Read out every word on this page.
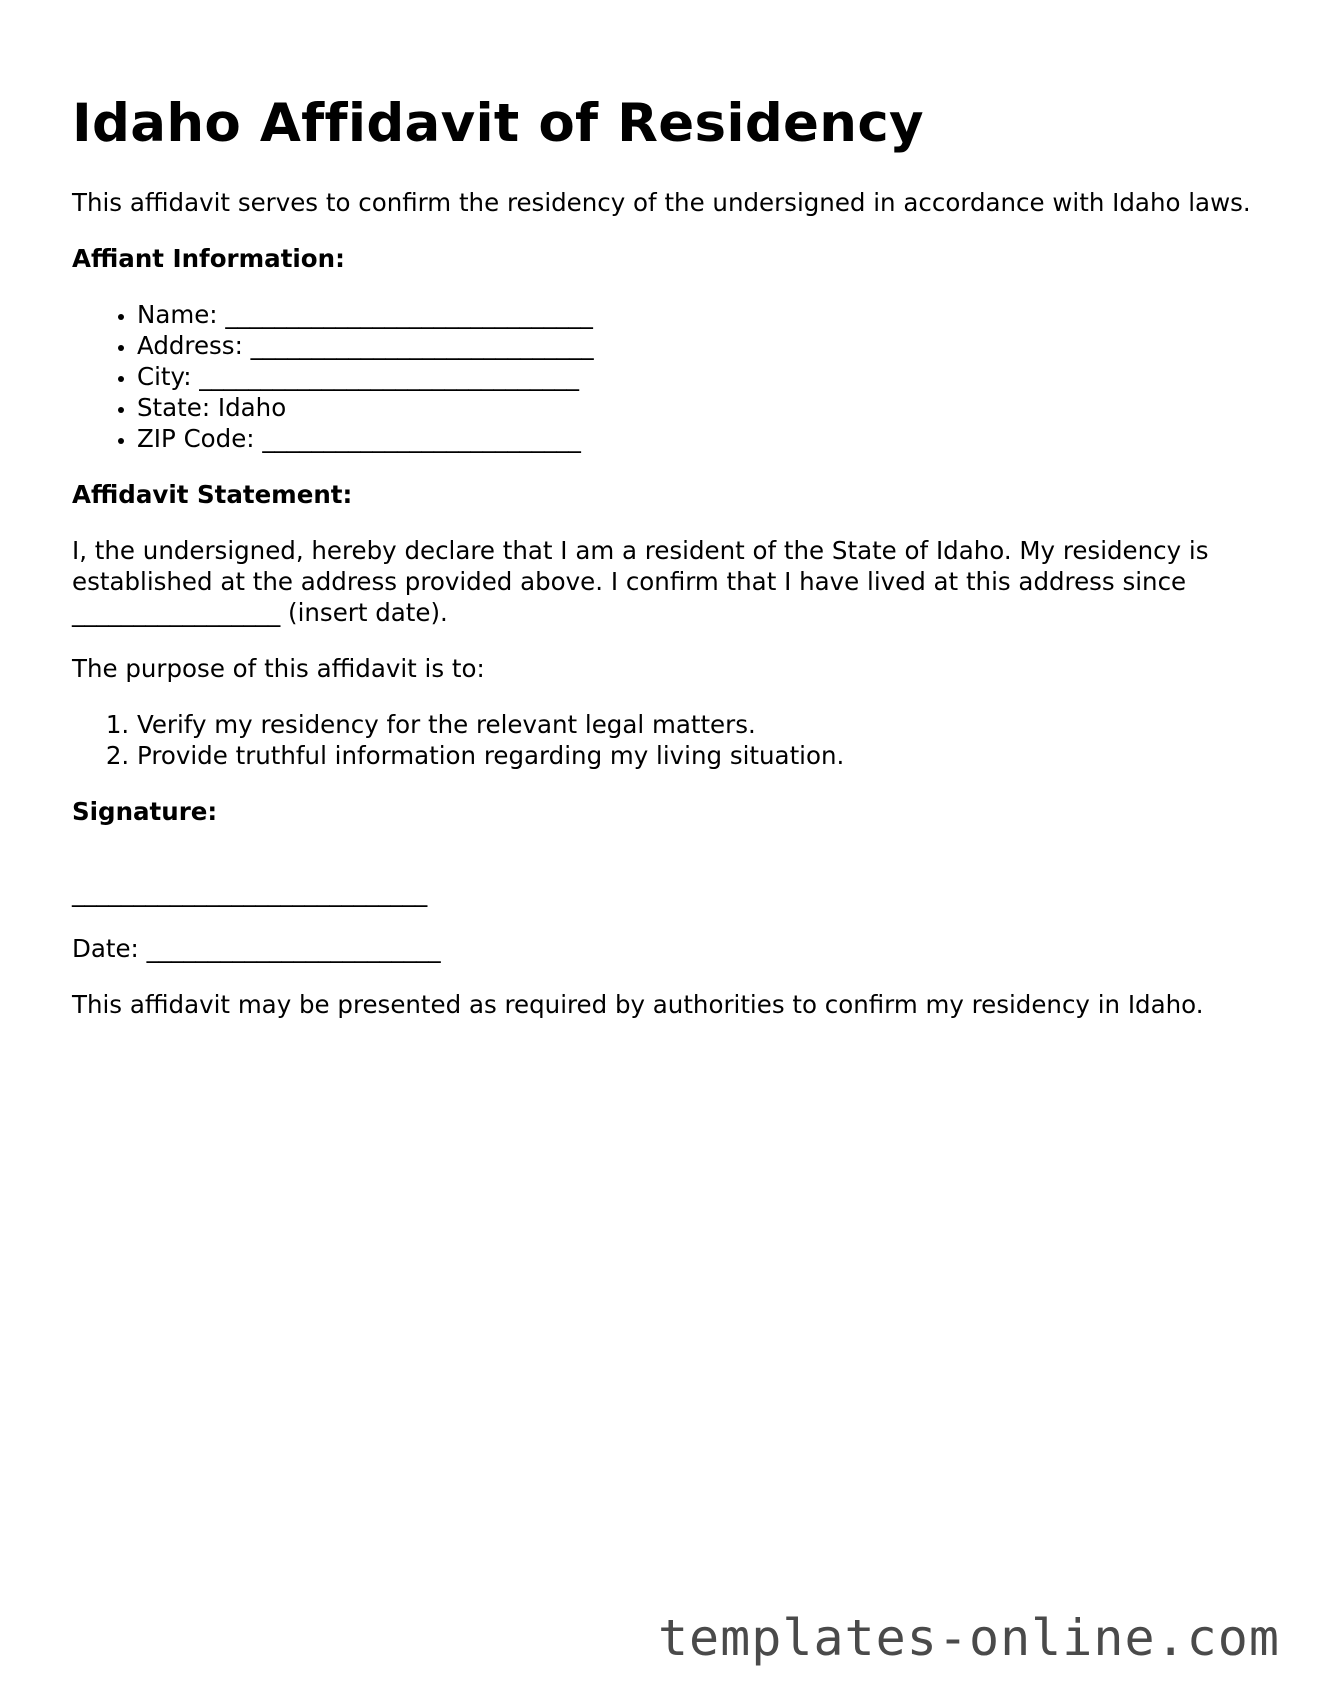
Idaho Affidavit of Residency

This affidavit serves to confirm the residency of the undersigned in accordance with Idaho laws.

Affiant Information:

• Name: ______________________________
• Address: ____________________________
• City: _______________________________
• State: Idaho
• ZIP Code: __________________________

Affidavit Statement:

I, the undersigned, hereby declare that I am a resident of the State of Idaho. My residency is established at the address provided above. I confirm that I have lived at this address since _________________ (insert date).

The purpose of this affidavit is to:

1. Verify my residency for the relevant legal matters.
2. Provide truthful information regarding my living situation.

Signature:

_____________________________

Date: ________________________

This affidavit may be presented as required by authorities to confirm my residency in Idaho.

templates-online.com
